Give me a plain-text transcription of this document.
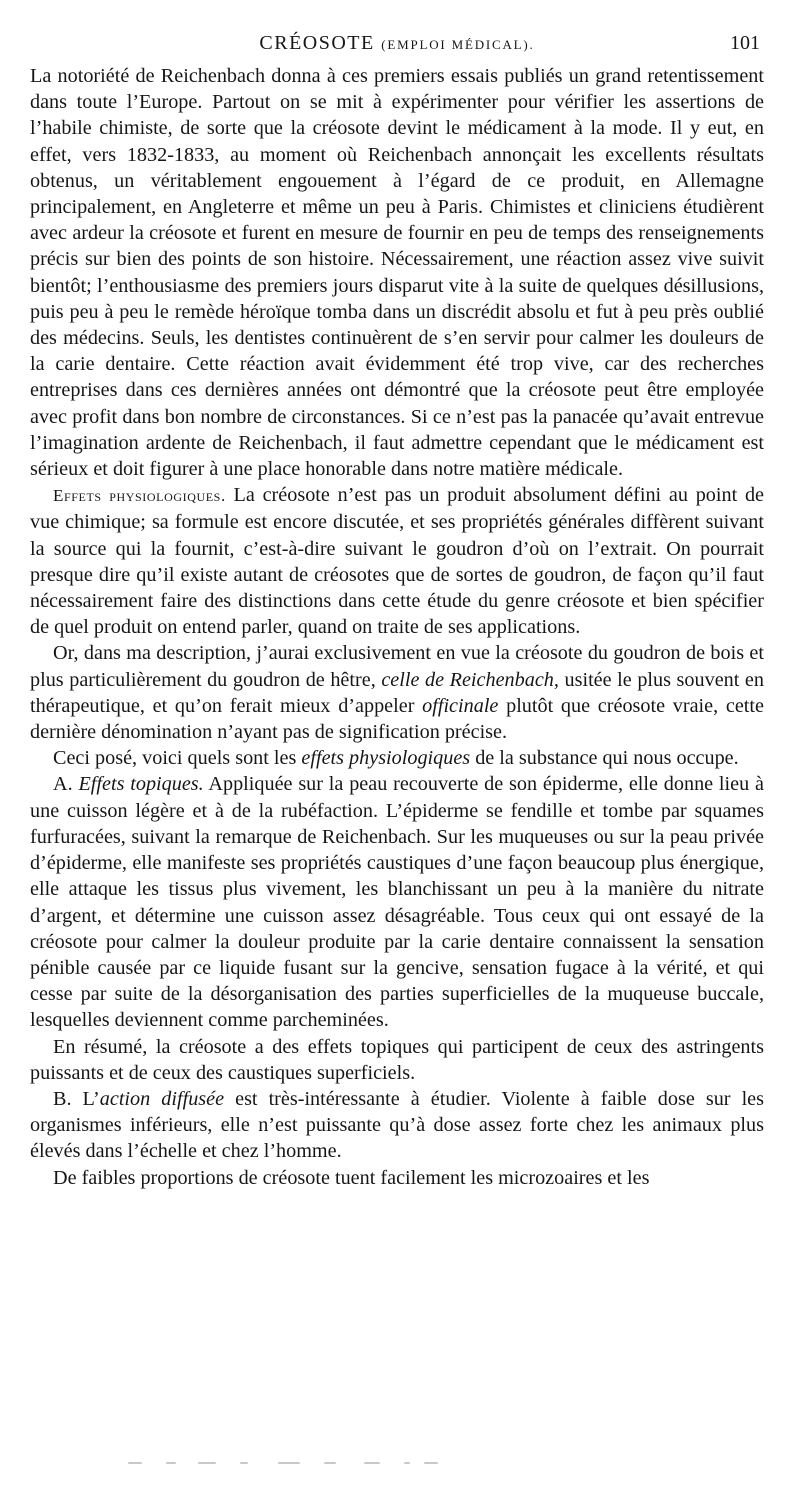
CRÉOSOTE (EMPLOI MÉDICAL).	101

La notoriété de Reichenbach donna à ces premiers essais publiés un grand retentissement dans toute l’Europe. Partout on se mit à expérimenter pour vérifier les assertions de l’habile chimiste, de sorte que la créosote devint le médicament à la mode. Il y eut, en effet, vers 1832-1833, au moment où Reichenbach annonçait les excellents résultats obtenus, un véritablement engouement à l’égard de ce produit, en Allemagne principalement, en Angleterre et même un peu à Paris. Chimistes et cliniciens étudièrent avec ardeur la créosote et furent en mesure de fournir en peu de temps des renseignements précis sur bien des points de son histoire. Nécessairement, une réaction assez vive suivit bientôt; l’enthousiasme des premiers jours disparut vite à la suite de quelques désillusions, puis peu à peu le remède héroïque tomba dans un discrédit absolu et fut à peu près oublié des médecins. Seuls, les dentistes continuèrent de s’en servir pour calmer les douleurs de la carie dentaire. Cette réaction avait évidemment été trop vive, car des recherches entreprises dans ces dernières années ont démontré que la créosote peut être employée avec profit dans bon nombre de circonstances. Si ce n’est pas la panacée qu’avait entrevue l’imagination ardente de Reichenbach, il faut admettre cependant que le médicament est sérieux et doit figurer à une place honorable dans notre matière médicale.

Effets physiologiques. La créosote n’est pas un produit absolument défini au point de vue chimique; sa formule est encore discutée, et ses propriétés générales diffèrent suivant la source qui la fournit, c’est-à-dire suivant le goudron d’où on l’extrait. On pourrait presque dire qu’il existe autant de créosotes que de sortes de goudron, de façon qu’il faut nécessairement faire des distinctions dans cette étude du genre créosote et bien spécifier de quel produit on entend parler, quand on traite de ses applications.

Or, dans ma description, j’aurai exclusivement en vue la créosote du goudron de bois et plus particulièrement du goudron de hêtre, celle de Reichenbach, usitée le plus souvent en thérapeutique, et qu’on ferait mieux d’appeler officinale plutôt que créosote vraie, cette dernière dénomination n’ayant pas de signification précise.

Ceci posé, voici quels sont les effets physiologiques de la substance qui nous occupe.

A. Effets topiques. Appliquée sur la peau recouverte de son épiderme, elle donne lieu à une cuisson légère et à de la rubéfaction. L’épiderme se fendille et tombe par squames furfuracées, suivant la remarque de Reichenbach. Sur les muqueuses ou sur la peau privée d’épiderme, elle manifeste ses propriétés caustiques d’une façon beaucoup plus énergique, elle attaque les tissus plus vivement, les blanchissant un peu à la manière du nitrate d’argent, et détermine une cuisson assez désagréable. Tous ceux qui ont essayé de la créosote pour calmer la douleur produite par la carie dentaire connaissent la sensation pénible causée par ce liquide fusant sur la gencive, sensation fugace à la vérité, et qui cesse par suite de la désorganisation des parties superficielles de la muqueuse buccale, lesquelles deviennent comme parcheminées.

En résumé, la créosote a des effets topiques qui participent de ceux des astringents puissants et de ceux des caustiques superficiels.

B. L’action diffusée est très-intéressante à étudier. Violente à faible dose sur les organismes inférieurs, elle n’est puissante qu’à dose assez forte chez les animaux plus élevés dans l’échelle et chez l’homme.

De faibles proportions de créosote tuent facilement les microzoaires et les
